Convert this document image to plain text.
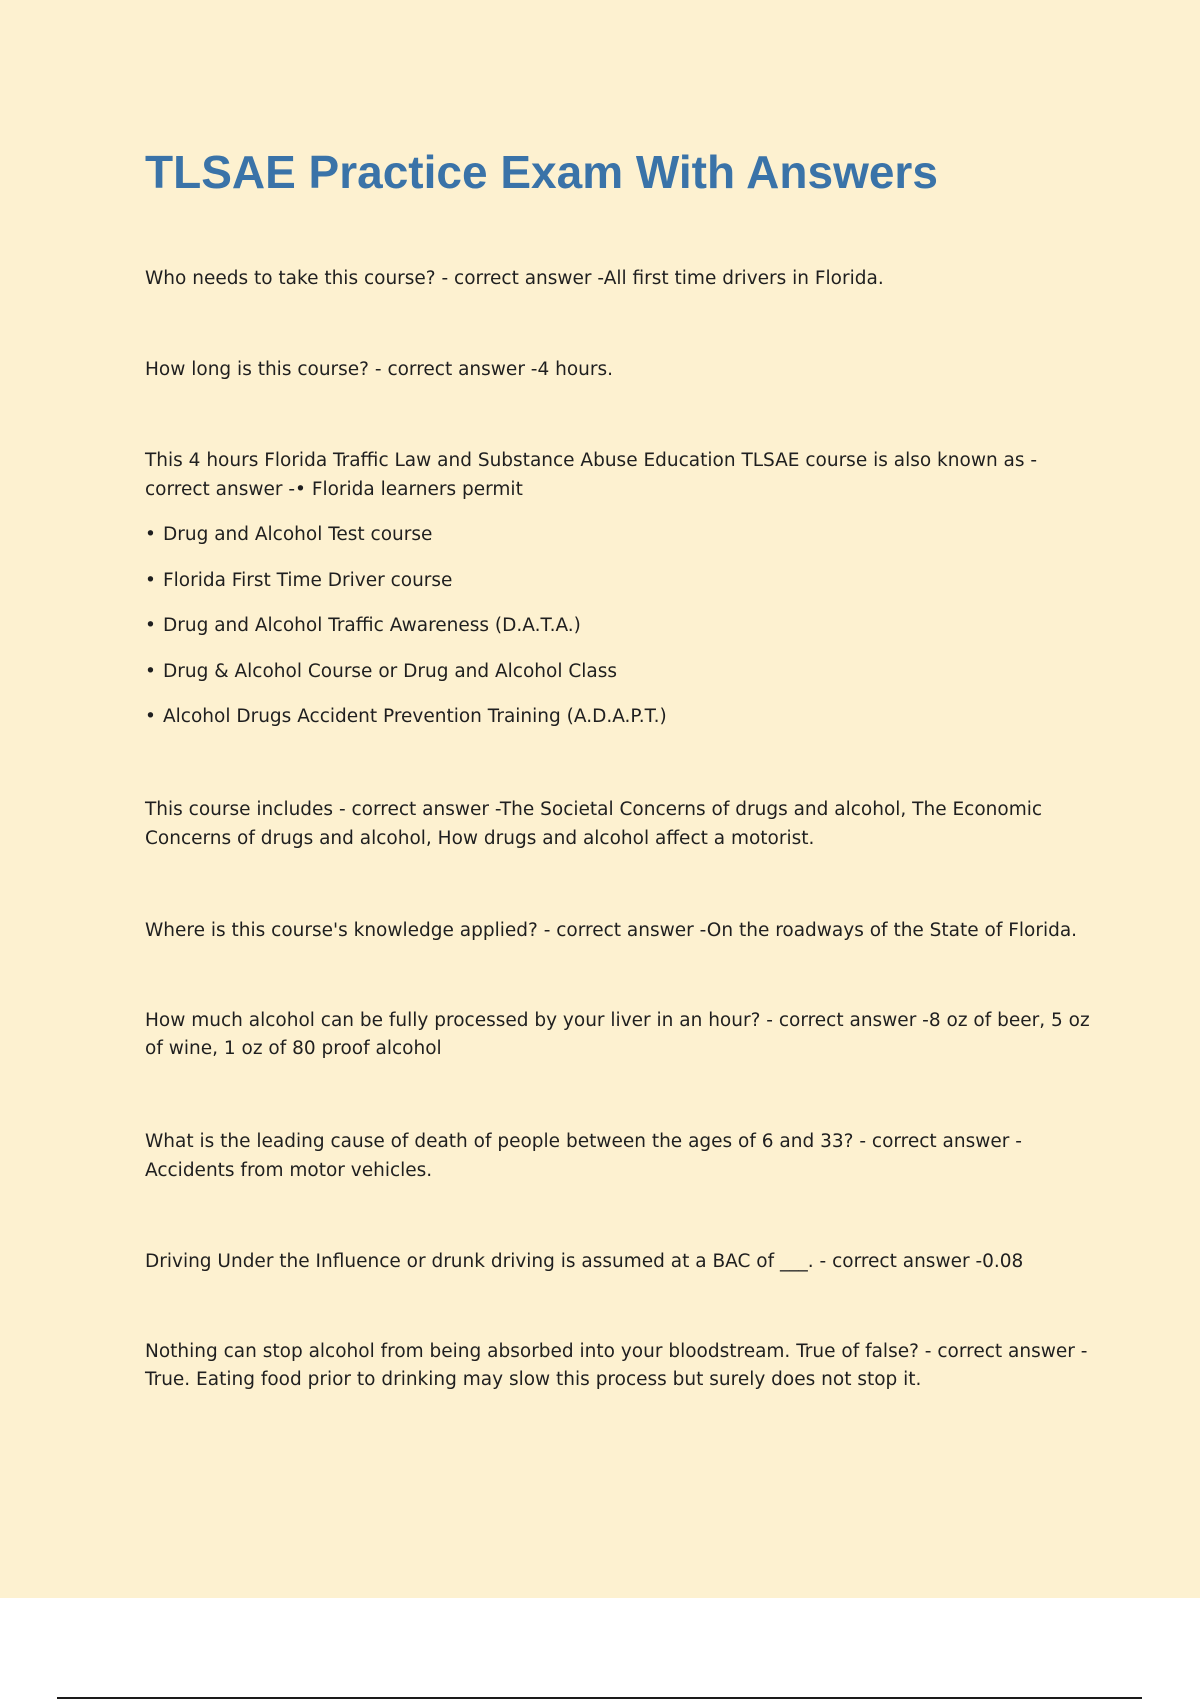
TLSAE Practice Exam With Answers

Who needs to take this course? - correct answer -All first time drivers in Florida.

How long is this course? - correct answer -4 hours.

This 4 hours Florida Traffic Law and Substance Abuse Education TLSAE course is also known as - correct answer -• Florida learners permit

• Drug and Alcohol Test course
• Florida First Time Driver course
• Drug and Alcohol Traffic Awareness (D.A.T.A.)
• Drug & Alcohol Course or Drug and Alcohol Class
• Alcohol Drugs Accident Prevention Training (A.D.A.P.T.)

This course includes - correct answer -The Societal Concerns of drugs and alcohol, The Economic Concerns of drugs and alcohol, How drugs and alcohol affect a motorist.

Where is this course's knowledge applied? - correct answer -On the roadways of the State of Florida.

How much alcohol can be fully processed by your liver in an hour? - correct answer -8 oz of beer, 5 oz of wine, 1 oz of 80 proof alcohol

What is the leading cause of death of people between the ages of 6 and 33? - correct answer - Accidents from motor vehicles.

Driving Under the Influence or drunk driving is assumed at a BAC of ___. - correct answer -0.08

Nothing can stop alcohol from being absorbed into your bloodstream. True of false? - correct answer -True. Eating food prior to drinking may slow this process but surely does not stop it.
